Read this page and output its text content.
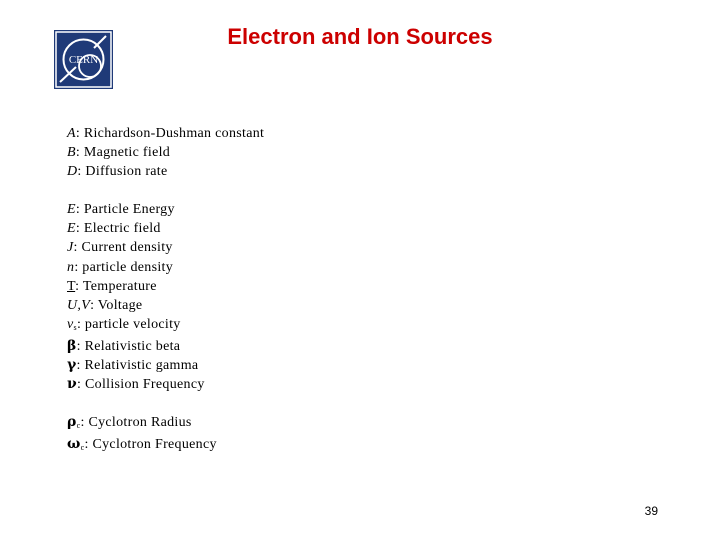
CERN
Electron and Ion Sources
A: Richardson-Dushman constant
B: Magnetic field
D: Diffusion rate
E: Particle Energy
E: Electric field
J: Current density
n: particle density
T: Temperature
U,V: Voltage
$v_s$: particle velocity
β: Relativistic beta
γ: Relativistic gamma
ν: Collision Frequency
$\rho_c$: Cyclotron Radius
$\omega_c$: Cyclotron Frequency
39
